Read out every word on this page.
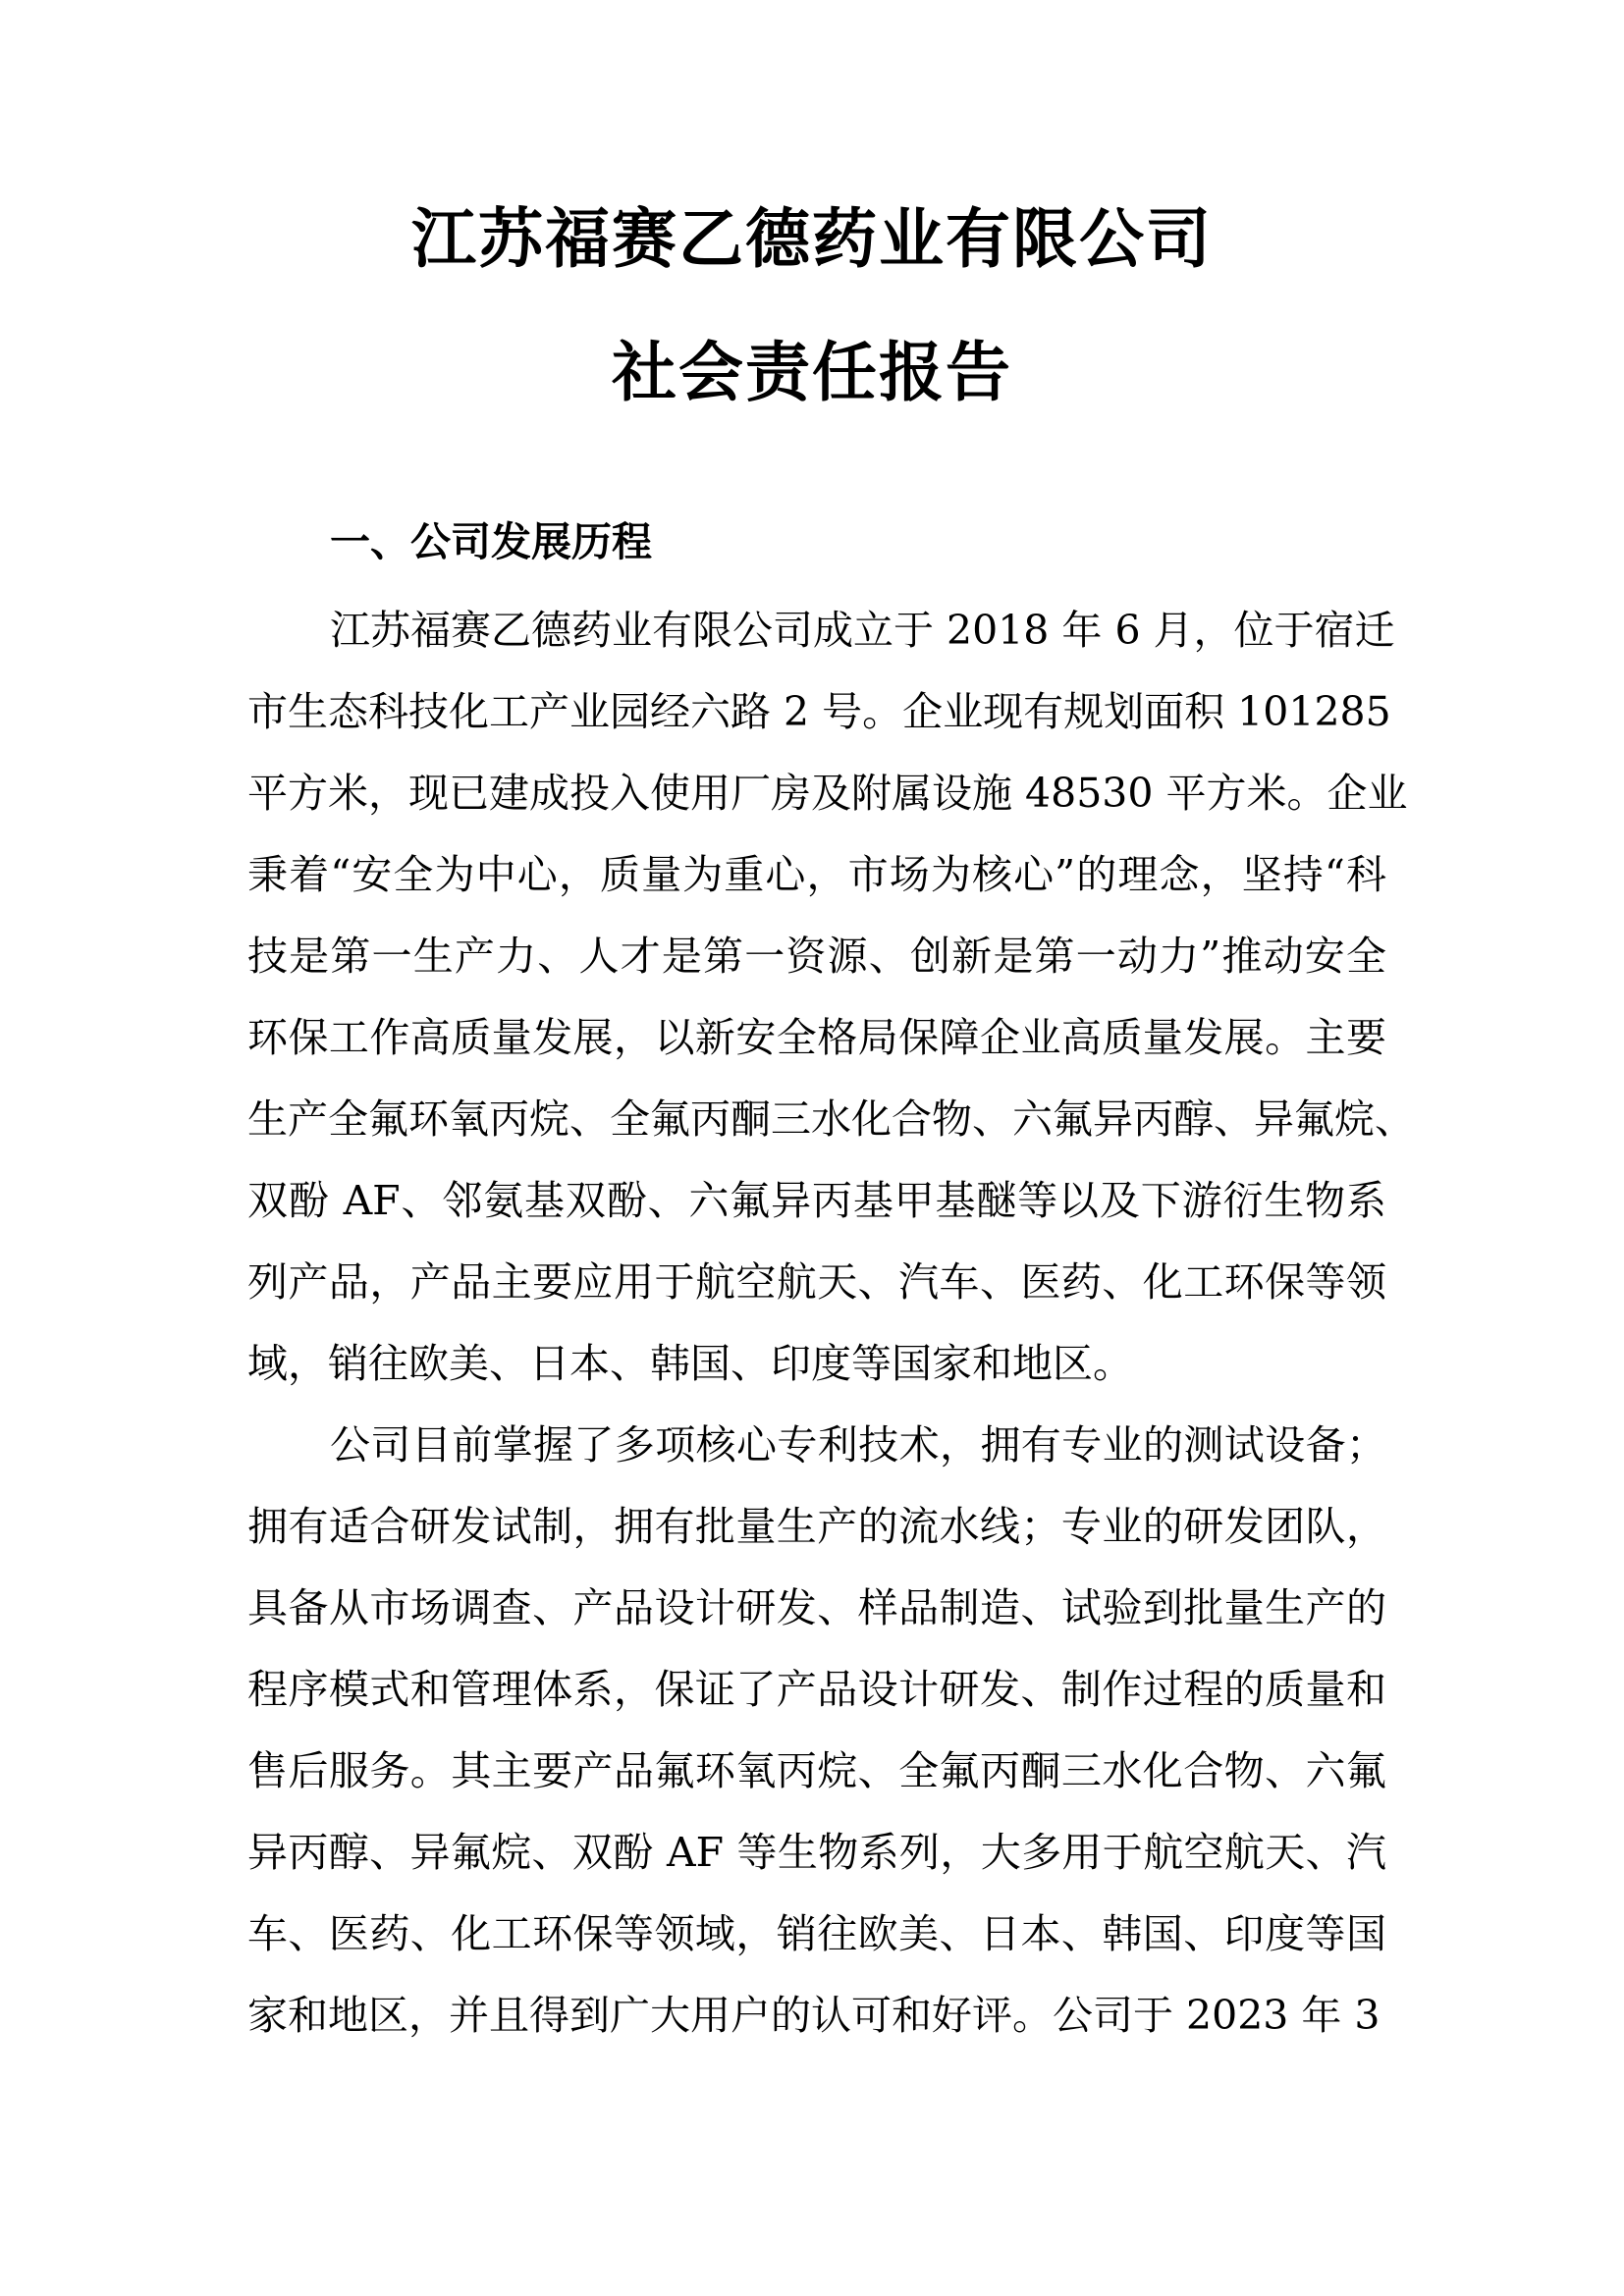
江苏福赛乙德药业有限公司
社会责任报告
一、公司发展历程

江苏福赛乙德药业有限公司成立于 2018 年 6 月，位于宿迁

市生态科技化工产业园经六路 2 号。企业现有规划面积 101285

平方米，现已建成投入使用厂房及附属设施 48530 平方米。企业

秉着“安全为中心，质量为重心，市场为核心”的理念，坚持“科

技是第一生产力、人才是第一资源、创新是第一动力”推动安全

环保工作高质量发展，以新安全格局保障企业高质量发展。主要

生产全氟环氧丙烷、全氟丙酮三水化合物、六氟异丙醇、异氟烷、

双酚 AF、邻氨基双酚、六氟异丙基甲基醚等以及下游衍生物系

列产品，产品主要应用于航空航天、汽车、医药、化工环保等领

域，销往欧美、日本、韩国、印度等国家和地区。

公司目前掌握了多项核心专利技术，拥有专业的测试设备；

拥有适合研发试制，拥有批量生产的流水线；专业的研发团队，

具备从市场调查、产品设计研发、样品制造、试验到批量生产的

程序模式和管理体系，保证了产品设计研发、制作过程的质量和

售后服务。其主要产品氟环氧丙烷、全氟丙酮三水化合物、六氟

异丙醇、异氟烷、双酚 AF 等生物系列，大多用于航空航天、汽

车、医药、化工环保等领域，销往欧美、日本、韩国、印度等国

家和地区，并且得到广大用户的认可和好评。公司于 2023 年 3
